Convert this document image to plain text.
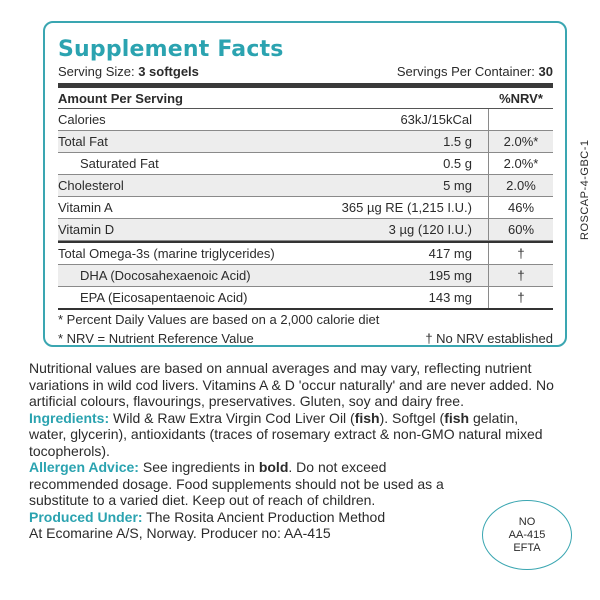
Supplement Facts
Serving Size: 3 softgels	Servings Per Container: 30
Amount Per Serving	%NRV*
Calories	63kJ/15kCal
Total Fat	1.5 g	2.0%*
Saturated Fat	0.5 g	2.0%*
Cholesterol	5 mg	2.0%
Vitamin A	365 µg RE (1,215 I.U.)	46%
Vitamin D	3 µg (120 I.U.)	60%
Total Omega-3s (marine triglycerides)	417 mg	†
DHA (Docosahexaenoic Acid)	195 mg	†
EPA (Eicosapentaenoic Acid)	143 mg	†
* Percent Daily Values are based on a 2,000 calorie diet
* NRV = Nutrient Reference Value	† No NRV established
ROSCAP-4-GBC-1

Nutritional values are based on annual averages and may vary, reflecting nutrient variations in wild cod livers. Vitamins A & D 'occur naturally' and are never added. No artificial colours, flavourings, preservatives. Gluten, soy and dairy free.

Ingredients: Wild & Raw Extra Virgin Cod Liver Oil (fish). Softgel (fish gelatin, water, glycerin), antioxidants (traces of rosemary extract & non-GMO natural mixed tocopherols).

Allergen Advice: See ingredients in bold. Do not exceed recommended dosage. Food supplements should not be used as a substitute to a varied diet. Keep out of reach of children.

Produced Under: The Rosita Ancient Production Method

At Ecomarine A/S, Norway. Producer no: AA-415

NO
AA-415
EFTA
